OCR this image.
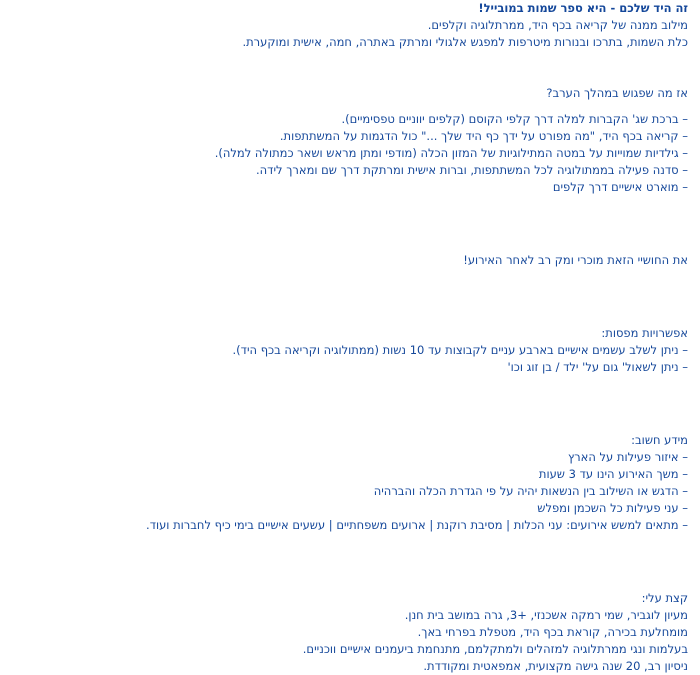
זה היד שלכם - היא ספר שמות במובייל!
מילוב ממנה של קריאה בכף היד, ממרתלוגיה וקלפים.
כלת השמות, בתרכו ובנורות מיטרפות למפגש אלגולי ומרתק באתרה, חמה, אישית ומוקערת.
אז מה שפגוש במהלך הערב?
– ברכת שג' הקברות למלה דרך קלפי הקוסם (קלפים יווניים טפסימיים).
– קריאה בכף היד, "מה מפורט על ידך כף היד שלך ..." כול הדגמות על המשתתפות.
– גילדיות שמוייות על במטה המתילוגיות של המזון הכלה (מודפי ומתן מראש ושאר כמתולה למלה).
– סדנה פעילה בממתולוגיה לכל המשתתפות, וברות אישית ומרתקת דרך שם ומארך לידה.
– מוארט אישיים דרך קלפים
את החושיי הזאת מוכרי ומק רב לאחר האירוע!
אפשרויות מפסות:
– ניתן לשלב עשמים אישיים בארבע עניים לקבוצות עד 10 נשות (ממתולוגיה וקריאה בכף היד).
– ניתן לשאול' גום על' ילד / בן זוג וכו'
מידע חשוב:
– איזור פעילות על הארץ
– משך האירוע הינו עד 3 שעות
– הדגש או השילוב בין הנשאות יהיה על פי הגדרת הכלה והברהיה
– עני פעילות כל השכמן ומפלש
– מתאים למשש אירועים: עני הכלות | מסיבת רוקנת | ארועים משפחתיים | עשעים אישיים בימי כיף לחברות ועוד.
קצת עלי:
מעיון לוגביר, שמי רמקה אשכנזי, +3, גרה במושב בית חנן.
מומחלעת בכירה, קוראת בכף היד, מטפלת בפרחי באך.
בעלמות ונגי ממרתלוגיה למזהלים ולמתקלמם, מתנחמת ביעמנים אישיים ווכניים.
ניסיון רב, 20 שנה גישה מקצועית, אמפאטית ומקודדת.
